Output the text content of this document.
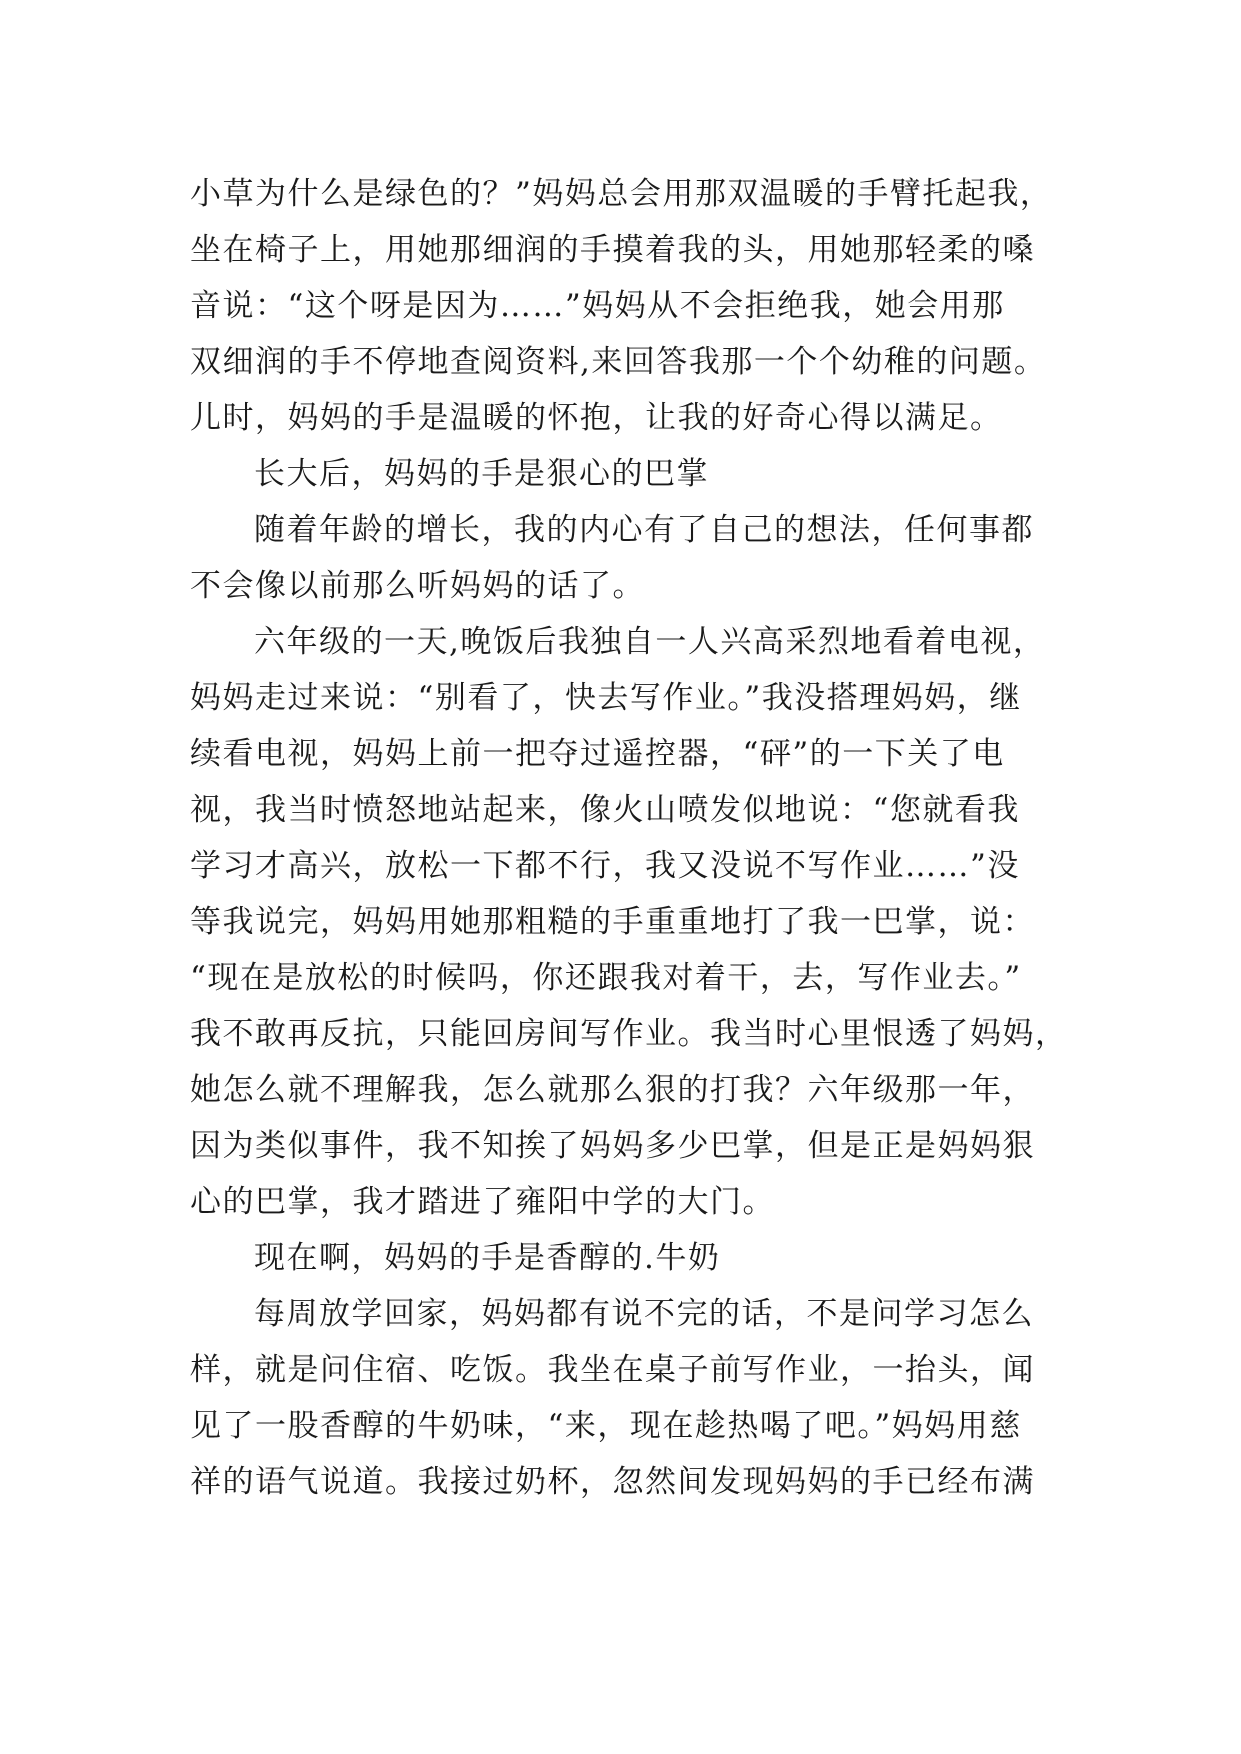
小草为什么是绿色的？”妈妈总会用那双温暖的手臂托起我，
坐在椅子上，用她那细润的手摸着我的头，用她那轻柔的嗓
音说：“这个呀是因为……”妈妈从不会拒绝我，她会用那
双细润的手不停地查阅资料,来回答我那一个个幼稚的问题。
儿时，妈妈的手是温暖的怀抱，让我的好奇心得以满足。
长大后，妈妈的手是狠心的巴掌
随着年龄的增长，我的内心有了自己的想法，任何事都
不会像以前那么听妈妈的话了。
六年级的一天,晚饭后我独自一人兴高采烈地看着电视，
妈妈走过来说：“别看了，快去写作业。”我没搭理妈妈，继
续看电视，妈妈上前一把夺过遥控器，“砰”的一下关了电
视，我当时愤怒地站起来，像火山喷发似地说：“您就看我
学习才高兴，放松一下都不行，我又没说不写作业……”没
等我说完，妈妈用她那粗糙的手重重地打了我一巴掌，说：
“现在是放松的时候吗，你还跟我对着干，去，写作业去。”
我不敢再反抗，只能回房间写作业。我当时心里恨透了妈妈，
她怎么就不理解我，怎么就那么狠的打我？六年级那一年，
因为类似事件，我不知挨了妈妈多少巴掌，但是正是妈妈狠
心的巴掌，我才踏进了雍阳中学的大门。
现在啊，妈妈的手是香醇的.牛奶
每周放学回家，妈妈都有说不完的话，不是问学习怎么
样，就是问住宿、吃饭。我坐在桌子前写作业，一抬头，闻
见了一股香醇的牛奶味，“来，现在趁热喝了吧。”妈妈用慈
祥的语气说道。我接过奶杯，忽然间发现妈妈的手已经布满
